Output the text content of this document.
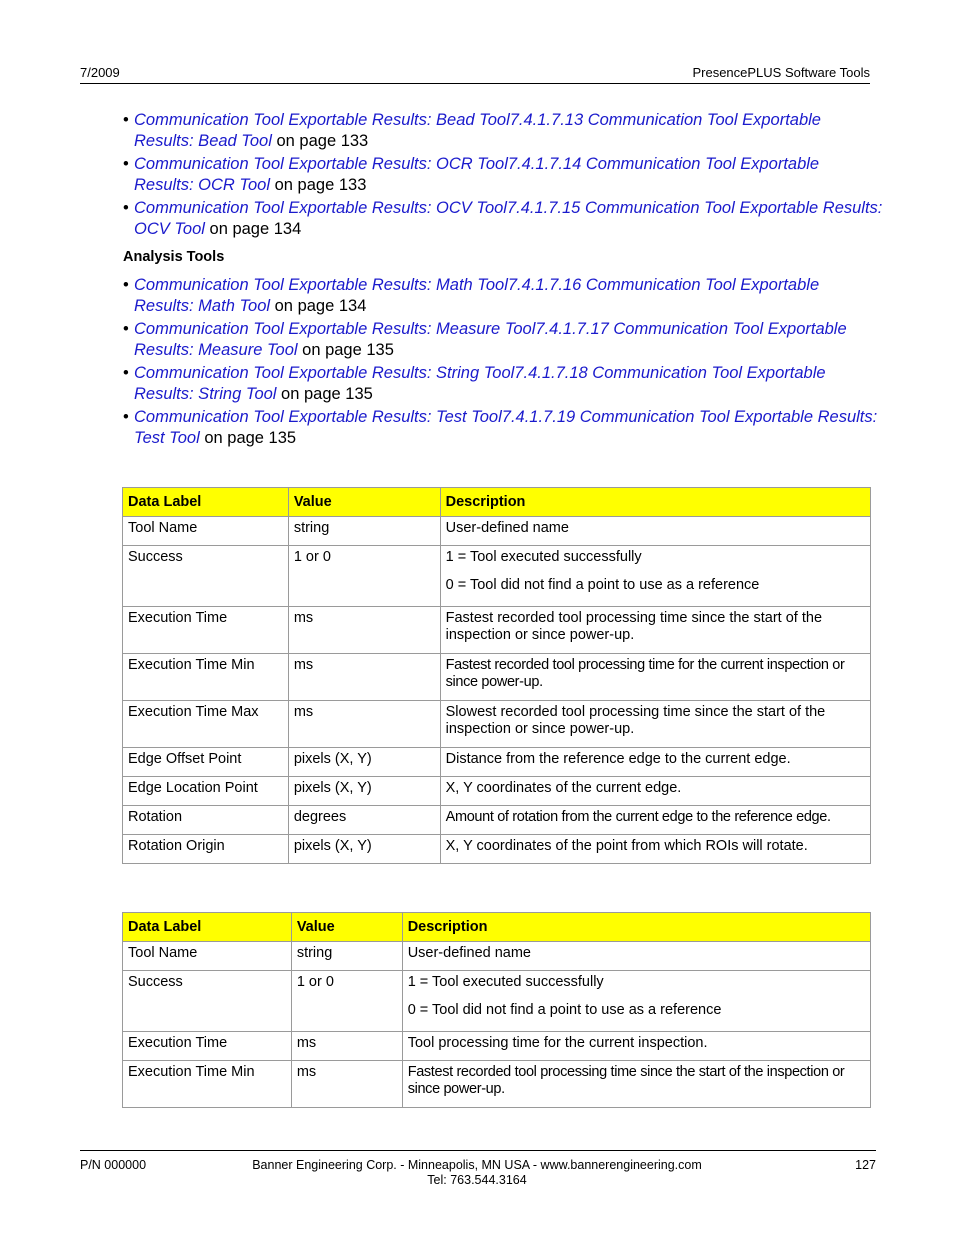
7/2009	PresencePLUS Software Tools
• Communication Tool Exportable Results: Bead Tool7.4.1.7.13 Communication Tool Exportable Results: Bead Tool on page 133
• Communication Tool Exportable Results: OCR Tool7.4.1.7.14 Communication Tool Exportable Results: OCR Tool on page 133
• Communication Tool Exportable Results: OCV Tool7.4.1.7.15 Communication Tool Exportable Results: OCV Tool on page 134
Analysis Tools
• Communication Tool Exportable Results: Math Tool7.4.1.7.16 Communication Tool Exportable Results: Math Tool on page 134
• Communication Tool Exportable Results: Measure Tool7.4.1.7.17 Communication Tool Exportable Results: Measure Tool on page 135
• Communication Tool Exportable Results: String Tool7.4.1.7.18 Communication Tool Exportable Results: String Tool on page 135
• Communication Tool Exportable Results: Test Tool7.4.1.7.19 Communication Tool Exportable Results: Test Tool on page 135
Data Label	Value	Description
Tool Name	string	User-defined name
Success	1 or 0	1 = Tool executed successfully
0 = Tool did not find a point to use as a reference

Execution Time	ms	Fastest recorded tool processing time since the start of the inspection or since power-up.
Execution Time Min	ms	Fastest recorded tool processing time for the current inspection or since power-up.
Execution Time Max	ms	Slowest recorded tool processing time since the start of the inspection or since power-up.
Edge Offset Point	pixels (X, Y)	Distance from the reference edge to the current edge.
Edge Location Point	pixels (X, Y)	X, Y coordinates of the current edge.
Rotation	degrees	Amount of rotation from the current edge to the reference edge.
Rotation Origin	pixels (X, Y)	X, Y coordinates of the point from which ROIs will rotate.
Data Label	Value	Description
Tool Name	string	User-defined name
Success	1 or 0	1 = Tool executed successfully
0 = Tool did not find a point to use as a reference

Execution Time	ms	Tool processing time for the current inspection.
Execution Time Min	ms	Fastest recorded tool processing time since the start of the inspection or since power-up.
P/N 000000	Banner Engineering Corp. - Minneapolis, MN USA - www.bannerengineering.com
Tel: 763.544.3164
127
